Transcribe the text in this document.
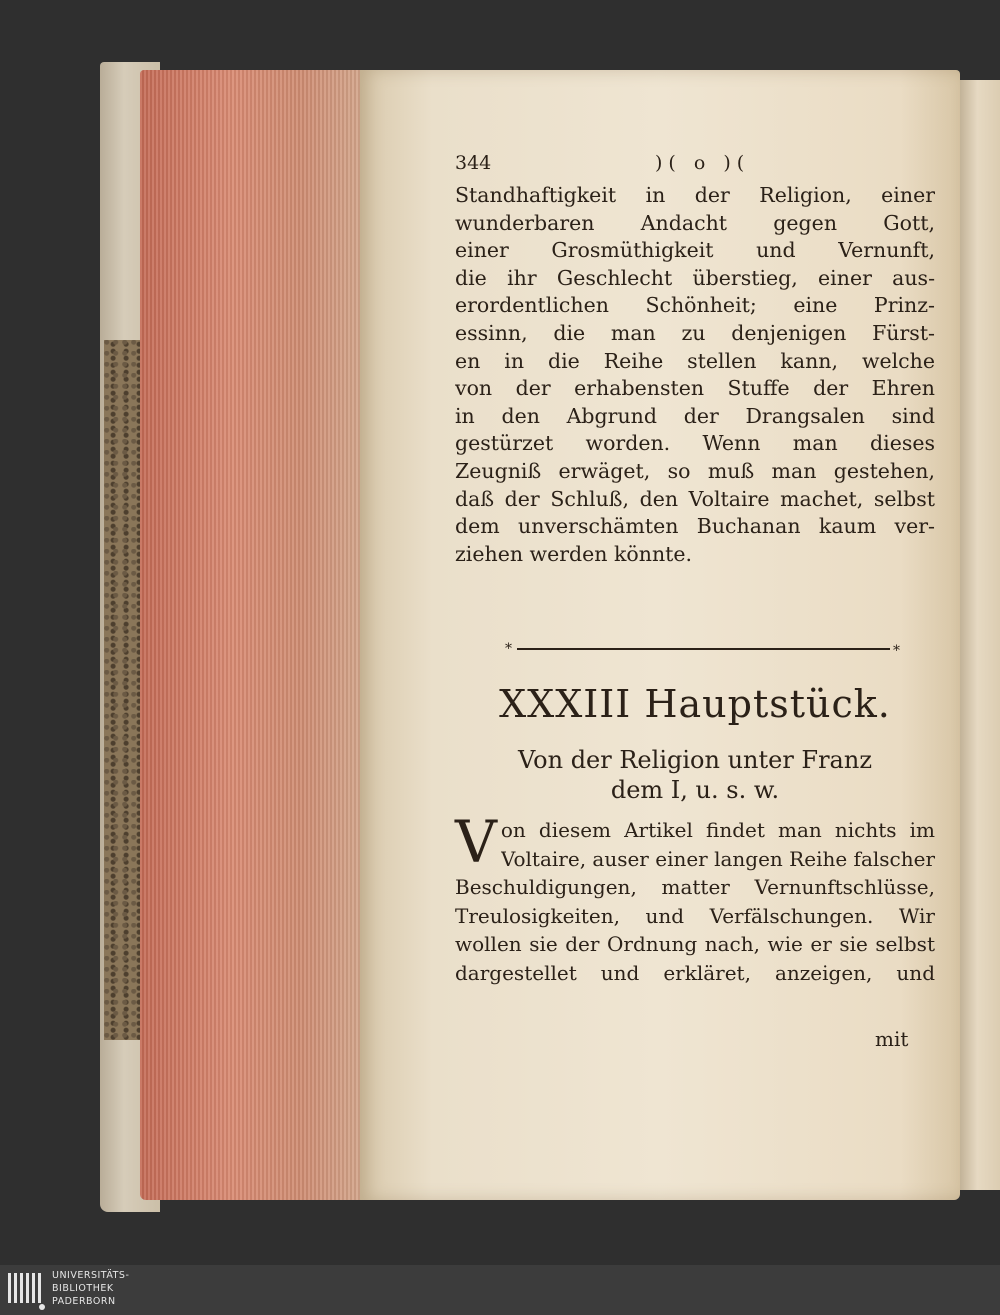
344	)( o )(
Standhaftigkeit in der Religion, einer
wunderbaren Andacht gegen Gott,
einer Grosmüthigkeit und Vernunft,
die ihr Geschlecht überstieg, einer aus-
erordentlichen Schönheit; eine Prinz-
essinn, die man zu denjenigen Fürst-
en in die Reihe stellen kann, welche
von der erhabensten Stuffe der Ehren
in den Abgrund der Drangsalen sind
gestürzet worden. Wenn man dieses
Zeugniß erwäget, so muß man gestehen,
daß der Schluß, den Voltaire machet, selbst
dem unverschämten Buchanan kaum ver-
ziehen werden könnte.
*	*
XXXIII Hauptstück.
Von der Religion unter Franz
dem I, u. s. w.
V on diesem Artikel findet man nichts im
Voltaire, auser einer langen Reihe falscher
Beschuldigungen, matter Vernunftschlüsse,
Treulosigkeiten, und Verfälschungen. Wir
wollen sie der Ordnung nach, wie er sie selbst
dargestellet und erkläret, anzeigen, und
mit
UNIVERSITÄTS-
BIBLIOTHEK
PADERBORN
